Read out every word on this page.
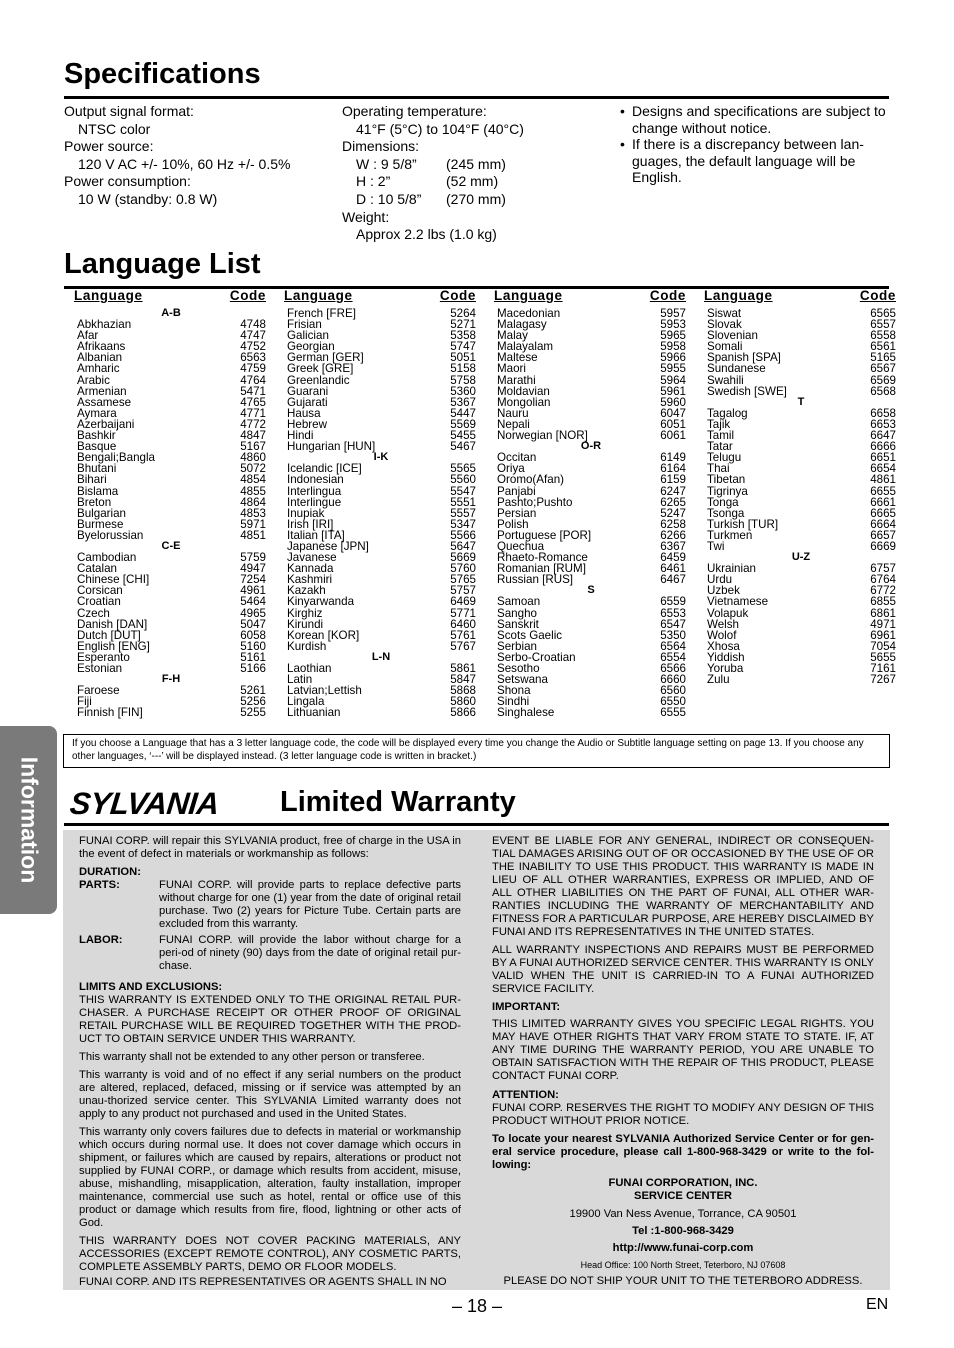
Specifications
Output signal format:
NTSC color
Power source:
120 V AC +/- 10%, 60 Hz +/- 0.5%
Power consumption:
10 W (standby: 0.8 W)
Operating temperature:
41°F (5°C) to 104°F (40°C)
Dimensions:
W : 9 5/8” (245 mm)
H : 2”	(52 mm)
D : 10 5/8” (270 mm)
Weight:
Approx 2.2 lbs (1.0 kg)
• Designs and specifications are subject to change without notice.
• If there is a discrepancy between lan-guages, the default language will be English.
Language List
Language	Code
A-B
Abkhazian	4748
Afar	4747
Afrikaans	4752
Albanian	6563
Amharic	4759
Arabic	4764
Armenian	5471
Assamese	4765
Aymara	4771
Azerbaijani	4772
Bashkir	4847
Basque	5167
Bengali;Bangla	4860
Bhutani	5072
Bihari	4854
Bislama	4855
Breton	4864
Bulgarian	4853
Burmese	5971
Byelorussian	4851
C-E
Cambodian	5759
Catalan	4947
Chinese [CHI]	7254
Corsican	4961
Croatian	5464
Czech	4965
Danish [DAN]	5047
Dutch [DUT]	6058
English [ENG]	5160
Esperanto	5161
Estonian	5166
F-H
Faroese	5261
Fiji	5256
Finnish [FIN]	5255
Language	Code
French [FRE]	5264
Frisian	5271
Galician	5358
Georgian	5747
German [GER]	5051
Greek [GRE]	5158
Greenlandic	5758
Guarani	5360
Gujarati	5367
Hausa	5447
Hebrew	5569
Hindi	5455
Hungarian [HUN]	5467
I-K
Icelandic [ICE]	5565
Indonesian	5560
Interlingua	5547
Interlingue	5551
Inupiak	5557
Irish [IRI]	5347
Italian [ITA]	5566
Japanese [JPN]	5647
Javanese	5669
Kannada	5760
Kashmiri	5765
Kazakh	5757
Kinyarwanda	6469
Kirghiz	5771
Kirundi	6460
Korean [KOR]	5761
Kurdish	5767
L-N
Laothian	5861
Latin	5847
Latvian;Lettish	5868
Lingala	5860
Lithuanian	5866
Language	Code
Macedonian	5957
Malagasy	5953
Malay	5965
Malayalam	5958
Maltese	5966
Maori	5955
Marathi	5964
Moldavian	5961
Mongolian	5960
Nauru	6047
Nepali	6051
Norwegian [NOR]	6061
O-R
Occitan	6149
Oriya	6164
Oromo(Afan)	6159
Panjabi	6247
Pashto;Pushto	6265
Persian	5247
Polish	6258
Portuguese [POR]	6266
Quechua	6367
Rhaeto-Romance	6459
Romanian [RUM]	6461
Russian [RUS]	6467
S
Samoan	6559
Sangho	6553
Sanskrit	6547
Scots Gaelic	5350
Serbian	6564
Serbo-Croatian	6554
Sesotho	6566
Setswana	6660
Shona	6560
Sindhi	6550
Singhalese	6555
Language	Code
Siswat	6565
Slovak	6557
Slovenian	6558
Somali	6561
Spanish [SPA]	5165
Sundanese	6567
Swahili	6569
Swedish [SWE]	6568
T
Tagalog	6658
Tajik	6653
Tamil	6647
Tatar	6666
Telugu	6651
Thai	6654
Tibetan	4861
Tigrinya	6655
Tonga	6661
Tsonga	6665
Turkish [TUR]	6664
Turkmen	6657
Twi	6669
U-Z
Ukrainian	6757
Urdu	6764
Uzbek	6772
Vietnamese	6855
Volapuk	6861
Welsh	4971
Wolof	6961
Xhosa	7054
Yiddish	5655
Yoruba	7161
Zulu	7267
If you choose a Language that has a 3 letter language code, the code will be displayed every time you change the Audio or Subtitle language setting on page 13. If you choose any other languages, ‘---’ will be displayed instead. (3 letter language code is written in bracket.)
Information SYLVANIA Limited Warranty

FUNAI CORP. will repair this SYLVANIA product, free of charge in the USA in the event of defect in materials or workmanship as follows:

DURATION:
PARTS:	FUNAI CORP. will provide parts to replace defective parts without charge for one (1) year from the date of original retail purchase. Two (2) years for Picture Tube. Certain parts are excluded from this warranty.
LABOR:	FUNAI CORP. will provide the labor without charge for a peri-od of ninety (90) days from the date of original retail pur-chase.
LIMITS AND EXCLUSIONS:

THIS WARRANTY IS EXTENDED ONLY TO THE ORIGINAL RETAIL PUR-CHASER. A PURCHASE RECEIPT OR OTHER PROOF OF ORIGINAL RETAIL PURCHASE WILL BE REQUIRED TOGETHER WITH THE PROD-UCT TO OBTAIN SERVICE UNDER THIS WARRANTY.

This warranty shall not be extended to any other person or transferee.

This warranty is void and of no effect if any serial numbers on the product are altered, replaced, defaced, missing or if service was attempted by an unau-thorized service center. This SYLVANIA Limited warranty does not apply to any product not purchased and used in the United States.

This warranty only covers failures due to defects in material or workmanship which occurs during normal use. It does not cover damage which occurs in shipment, or failures which are caused by repairs, alterations or product not supplied by FUNAI CORP., or damage which results from accident, misuse, abuse, mishandling, misapplication, alteration, faulty installation, improper maintenance, commercial use such as hotel, rental or office use of this product or damage which results from fire, flood, lightning or other acts of God.

THIS WARRANTY DOES NOT COVER PACKING MATERIALS, ANY ACCESSORIES (EXCEPT REMOTE CONTROL), ANY COSMETIC PARTS, COMPLETE ASSEMBLY PARTS, DEMO OR FLOOR MODELS.

FUNAI CORP. AND ITS REPRESENTATIVES OR AGENTS SHALL IN NO

EVENT BE LIABLE FOR ANY GENERAL, INDIRECT OR CONSEQUEN-TIAL DAMAGES ARISING OUT OF OR OCCASIONED BY THE USE OF OR THE INABILITY TO USE THIS PRODUCT. THIS WARRANTY IS MADE IN LIEU OF ALL OTHER WARRANTIES, EXPRESS OR IMPLIED, AND OF ALL OTHER LIABILITIES ON THE PART OF FUNAI, ALL OTHER WAR-RANTIES INCLUDING THE WARRANTY OF MERCHANTABILITY AND FITNESS FOR A PARTICULAR PURPOSE, ARE HEREBY DISCLAIMED BY FUNAI AND ITS REPRESENTATIVES IN THE UNITED STATES.

ALL WARRANTY INSPECTIONS AND REPAIRS MUST BE PERFORMED BY A FUNAI AUTHORIZED SERVICE CENTER. THIS WARRANTY IS ONLY VALID WHEN THE UNIT IS CARRIED-IN TO A FUNAI AUTHORIZED SERVICE FACILITY.

IMPORTANT:

THIS LIMITED WARRANTY GIVES YOU SPECIFIC LEGAL RIGHTS. YOU MAY HAVE OTHER RIGHTS THAT VARY FROM STATE TO STATE. IF, AT ANY TIME DURING THE WARRANTY PERIOD, YOU ARE UNABLE TO OBTAIN SATISFACTION WITH THE REPAIR OF THIS PRODUCT, PLEASE CONTACT FUNAI CORP.

ATTENTION:

FUNAI CORP. RESERVES THE RIGHT TO MODIFY ANY DESIGN OF THIS PRODUCT WITHOUT PRIOR NOTICE.

To locate your nearest SYLVANIA Authorized Service Center or for gen-eral service procedure, please call 1-800-968-3429 or write to the fol-lowing:

FUNAI CORPORATION, INC.
SERVICE CENTER
19900 Van Ness Avenue, Torrance, CA 90501
Tel :1-800-968-3429
http://www.funai-corp.com
Head Office: 100 North Street, Teterboro, NJ 07608
PLEASE DO NOT SHIP YOUR UNIT TO THE TETERBORO ADDRESS.
– 18 –	EN
